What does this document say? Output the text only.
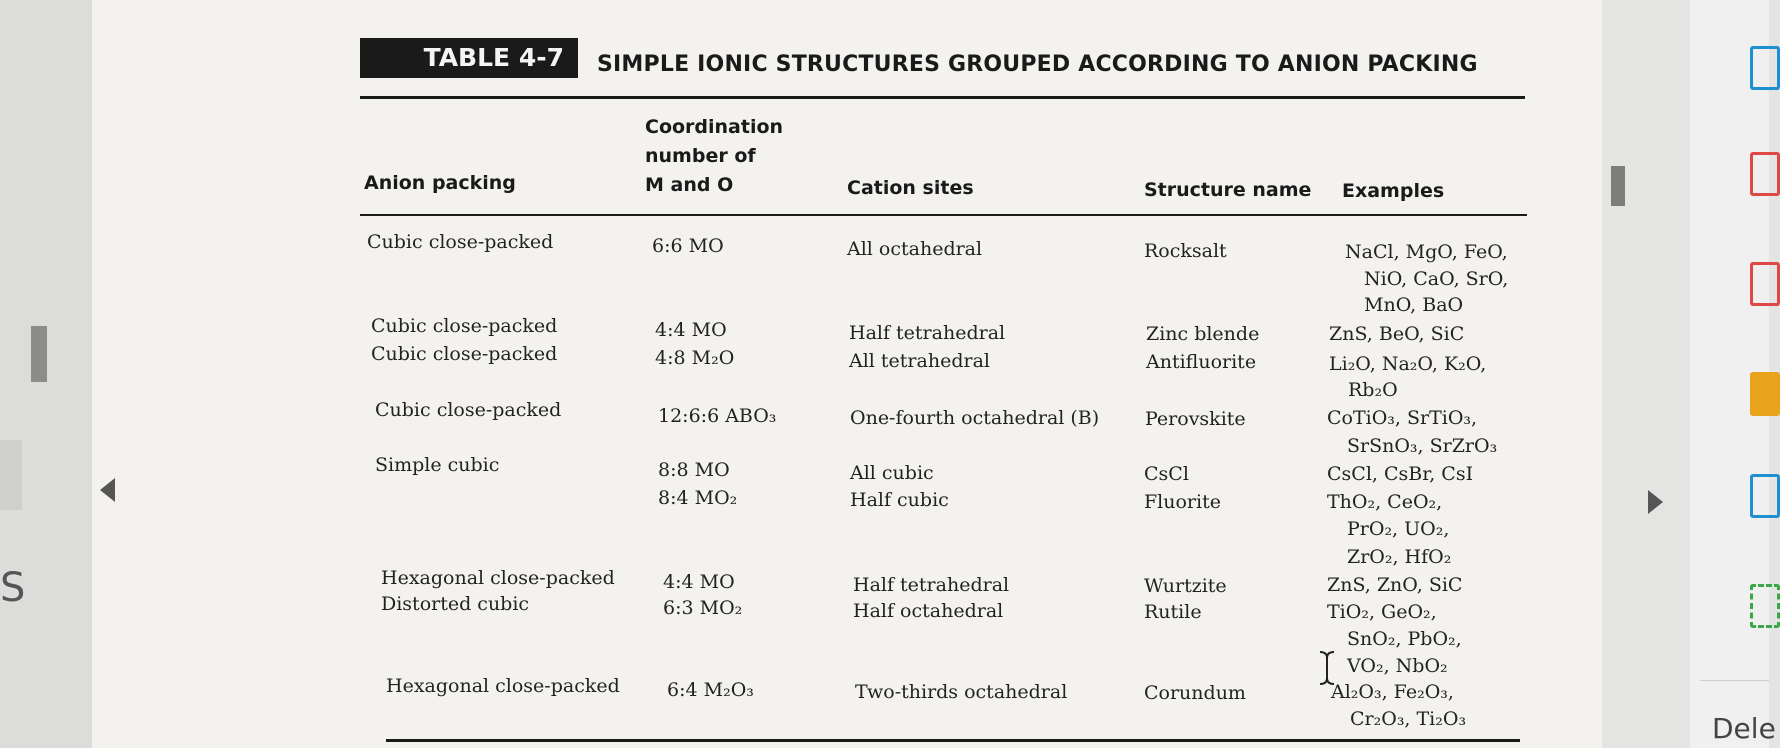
S
TABLE 4-7	SIMPLE IONIC STRUCTURES GROUPED ACCORDING TO ANION PACKING
Anion packing
Coordination
number of
M and O	Cation sites	Structure name Examples
Cubic close-packed	6:6 MO	All octahedral	Rocksalt	NaCl, MgO, FeO,
NiO, CaO, SrO,
MnO, BaO
Cubic close-packed	4:4 MO	Half tetrahedral	Zinc blende	ZnS, BeO, SiC
Cubic close-packed	4:8 M₂O	All tetrahedral	Antifluorite	Li₂O, Na₂O, K₂O,
Rb₂O
Cubic close-packed	12:6:6 ABO₃	One-fourth octahedral (B) Perovskite	CoTiO₃, SrTiO₃,
SrSnO₃, SrZrO₃
Simple cubic	8:8 MO	All cubic	CsCl	CsCl, CsBr, CsI
8:4 MO₂	Half cubic	Fluorite	ThO₂, CeO₂,
PrO₂, UO₂,
ZrO₂, HfO₂
Hexagonal close-packed	4:4 MO	Half tetrahedral	Wurtzite	ZnS, ZnO, SiC
Distorted cubic	6:3 MO₂	Half octahedral	Rutile	TiO₂, GeO₂,
SnO₂, PbO₂,
VO₂, NbO₂
Hexagonal close-packed 6:4 M₂O₃	Two-thirds octahedral	Corundum	Al₂O₃, Fe₂O₃,
Cr₂O₃, Ti₂O₃	Dele
